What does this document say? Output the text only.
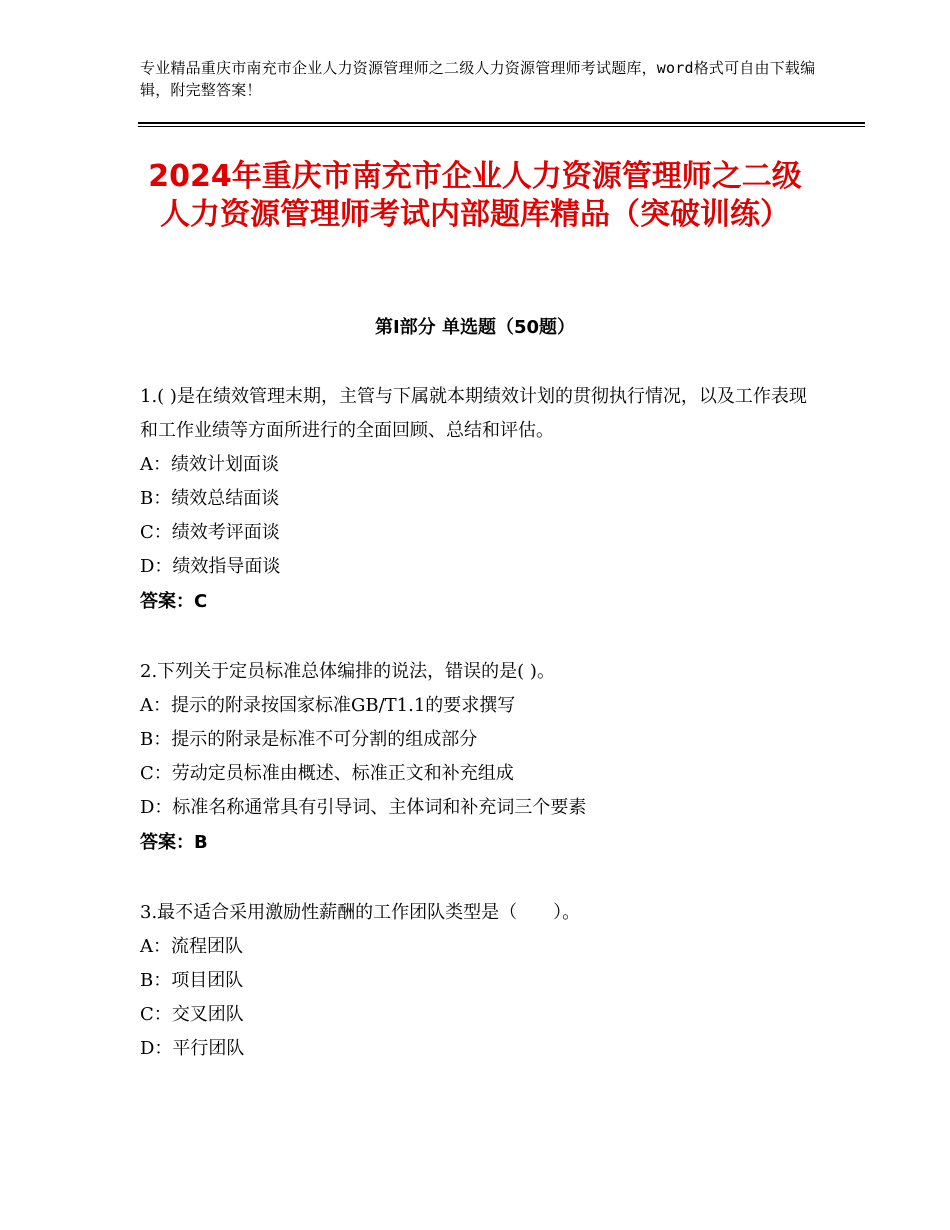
专业精品重庆市南充市企业人力资源管理师之二级人力资源管理师考试题库，word格式可自由下载编辑，附完整答案！
2024年重庆市南充市企业人力资源管理师之二级人力资源管理师考试内部题库精品（突破训练）
第Ⅰ部分 单选题（50题）
1.( )是在绩效管理末期，主管与下属就本期绩效计划的贯彻执行情况，以及工作表现和工作业绩等方面所进行的全面回顾、总结和评估。
A：绩效计划面谈
B：绩效总结面谈
C：绩效考评面谈
D：绩效指导面谈
答案：C
2.下列关于定员标准总体编排的说法，错误的是( )。
A：提示的附录按国家标准GB/T1.1的要求撰写
B：提示的附录是标准不可分割的组成部分
C：劳动定员标准由概述、标准正文和补充组成
D：标准名称通常具有引导词、主体词和补充词三个要素
答案：B
3.最不适合采用激励性薪酬的工作团队类型是（　　）。
A：流程团队
B：项目团队
C：交叉团队
D：平行团队
